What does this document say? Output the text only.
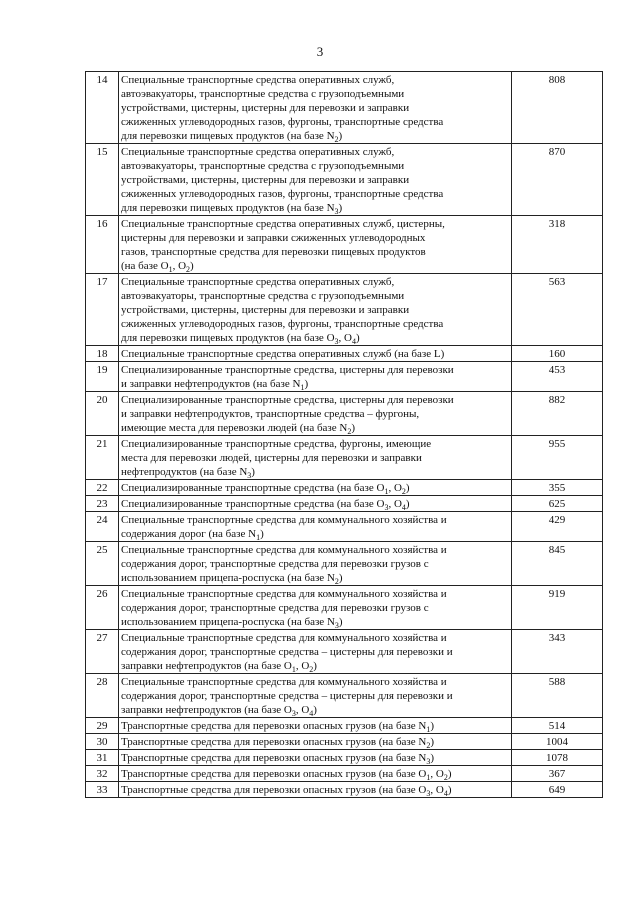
3
14	Специальные транспортные средства оперативных служб,
автоэвакуаторы, транспортные средства с грузоподъемными
устройствами, цистерны, цистерны для перевозки и заправки
сжиженных углеводородных газов, фургоны, транспортные средства
для перевозки пищевых продуктов (на базе $N_2$)	808
15	Специальные транспортные средства оперативных служб,
автоэвакуаторы, транспортные средства с грузоподъемными
устройствами, цистерны, цистерны для перевозки и заправки
сжиженных углеводородных газов, фургоны, транспортные средства
для перевозки пищевых продуктов (на базе $N_3$)	870
16	Специальные транспортные средства оперативных служб, цистерны,
цистерны для перевозки и заправки сжиженных углеводородных
газов, транспортные средства для перевозки пищевых продуктов
(на базе $O_1$, $O_2$)	318
17	Специальные транспортные средства оперативных служб,
автоэвакуаторы, транспортные средства с грузоподъемными
устройствами, цистерны, цистерны для перевозки и заправки
сжиженных углеводородных газов, фургоны, транспортные средства
для перевозки пищевых продуктов (на базе $O_3$, $O_4$)	563
18	Специальные транспортные средства оперативных служб (на базе L)	160
19	Специализированные транспортные средства, цистерны для перевозки
и заправки нефтепродуктов (на базе $N_1$)	453
20	Специализированные транспортные средства, цистерны для перевозки
и заправки нефтепродуктов, транспортные средства – фургоны,
имеющие места для перевозки людей (на базе $N_2$)	882
21	Специализированные транспортные средства, фургоны, имеющие
места для перевозки людей, цистерны для перевозки и заправки
нефтепродуктов (на базе $N_3$)	955
22	Специализированные транспортные средства (на базе $O_1$, $O_2$)	355
23	Специализированные транспортные средства (на базе $O_3$, $O_4$)	625
24	Специальные транспортные средства для коммунального хозяйства и
содержания дорог (на базе $N_1$)	429
25	Специальные транспортные средства для коммунального хозяйства и
содержания дорог, транспортные средства для перевозки грузов с
использованием прицепа-роспуска (на базе $N_2$)	845
26	Специальные транспортные средства для коммунального хозяйства и
содержания дорог, транспортные средства для перевозки грузов с
использованием прицепа-роспуска (на базе $N_3$)	919
27	Специальные транспортные средства для коммунального хозяйства и
содержания дорог, транспортные средства – цистерны для перевозки и
заправки нефтепродуктов (на базе $O_1$, $O_2$)	343
28	Специальные транспортные средства для коммунального хозяйства и
содержания дорог, транспортные средства – цистерны для перевозки и
заправки нефтепродуктов (на базе $O_3$, $O_4$)	588
29	Транспортные средства для перевозки опасных грузов (на базе $N_1$)	514
30	Транспортные средства для перевозки опасных грузов (на базе $N_2$)	1004
31	Транспортные средства для перевозки опасных грузов (на базе $N_3$)	1078
32	Транспортные средства для перевозки опасных грузов (на базе $O_1$, $O_2$)	367
33	Транспортные средства для перевозки опасных грузов (на базе $O_3$, $O_4$)	649
